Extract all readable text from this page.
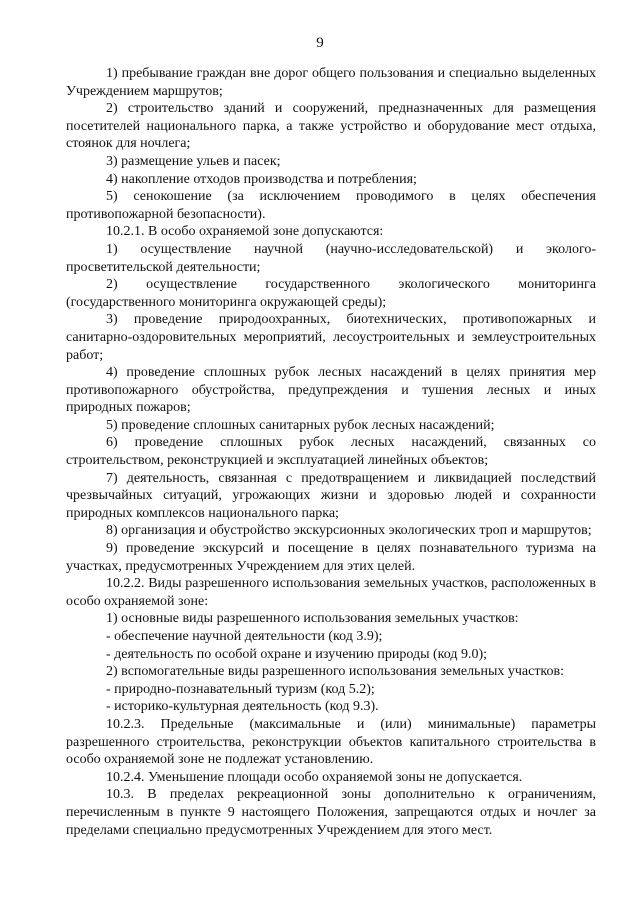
9

1) пребывание граждан вне дорог общего пользования и специально выделенных Учреждением маршрутов;

2) строительство зданий и сооружений, предназначенных для размещения посетителей национального парка, а также устройство и оборудование мест отдыха, стоянок для ночлега;

3) размещение ульев и пасек;

4) накопление отходов производства и потребления;

5) сенокошение (за исключением проводимого в целях обеспечения противопожарной безопасности).

10.2.1. В особо охраняемой зоне допускаются:

1) осуществление научной (научно-исследовательской) и эколого-просветительской деятельности;

2) осуществление государственного экологического мониторинга (государственного мониторинга окружающей среды);

3) проведение природоохранных, биотехнических, противопожарных и санитарно-оздоровительных мероприятий, лесоустроительных и землеустроительных работ;

4) проведение сплошных рубок лесных насаждений в целях принятия мер противопожарного обустройства, предупреждения и тушения лесных и иных природных пожаров;

5) проведение сплошных санитарных рубок лесных насаждений;

6) проведение сплошных рубок лесных насаждений, связанных со строительством, реконструкцией и эксплуатацией линейных объектов;

7) деятельность, связанная с предотвращением и ликвидацией последствий чрезвычайных ситуаций, угрожающих жизни и здоровью людей и сохранности природных комплексов национального парка;

8) организация и обустройство экскурсионных экологических троп и маршрутов;

9) проведение экскурсий и посещение в целях познавательного туризма на участках, предусмотренных Учреждением для этих целей.

10.2.2. Виды разрешенного использования земельных участков, расположенных в особо охраняемой зоне:

1) основные виды разрешенного использования земельных участков:

- обеспечение научной деятельности (код 3.9);

- деятельность по особой охране и изучению природы (код 9.0);

2) вспомогательные виды разрешенного использования земельных участков:

- природно-познавательный туризм (код 5.2);

- историко-культурная деятельность (код 9.3).

10.2.3. Предельные (максимальные и (или) минимальные) параметры разрешенного строительства, реконструкции объектов капитального строительства в особо охраняемой зоне не подлежат установлению.

10.2.4. Уменьшение площади особо охраняемой зоны не допускается.

10.3. В пределах рекреационной зоны дополнительно к ограничениям, перечисленным в пункте 9 настоящего Положения, запрещаются отдых и ночлег за пределами специально предусмотренных Учреждением для этого мест.
